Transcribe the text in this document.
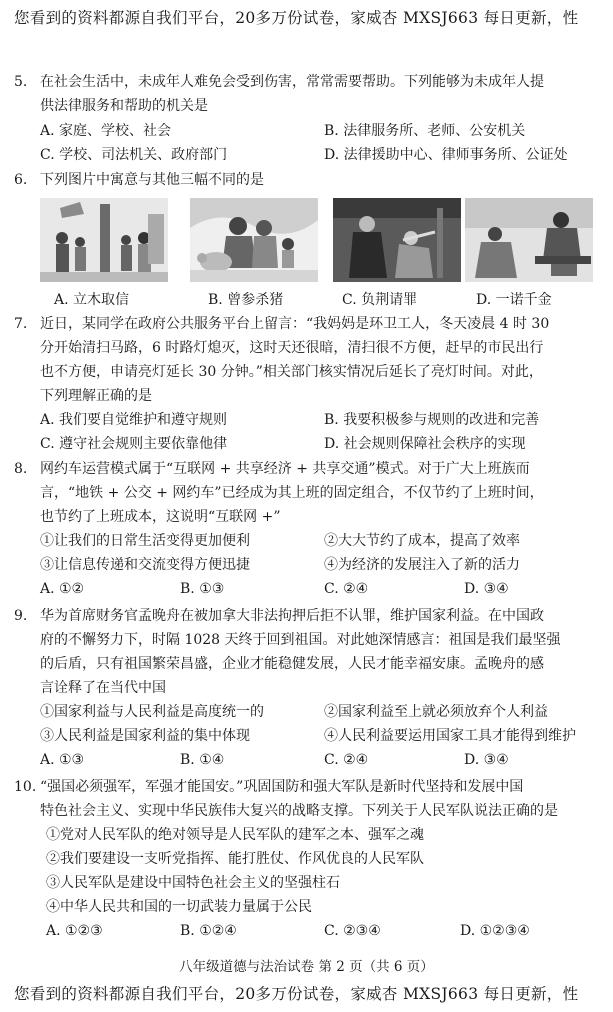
您看到的资料都源自我们平台，20多万份试卷，家威杏 MXSJ663 每日更新，性
5. 在社会生活中，未成年人难免会受到伤害，常常需要帮助。下列能够为未成年人提
供法律服务和帮助的机关是
A. 家庭、学校、社会	B. 法律服务所、老师、公安机关
C. 学校、司法机关、政府部门	D. 法律援助中心、律师事务所、公证处
6. 下列图片中寓意与其他三幅不同的是
A. 立木取信	B. 曾参杀猪	C. 负荆请罪	D. 一诺千金
7. 近日，某同学在政府公共服务平台上留言：“我妈妈是环卫工人，冬天凌晨 4 时 30
分开始清扫马路，6 时路灯熄灭，这时天还很暗，清扫很不方便，赶早的市民出行
也不方便，申请亮灯延长 30 分钟。”相关部门核实情况后延长了亮灯时间。对此，
下列理解正确的是
A. 我们要自觉维护和遵守规则	B. 我要积极参与规则的改进和完善
C. 遵守社会规则主要依靠他律	D. 社会规则保障社会秩序的实现
8. 网约车运营模式属于“互联网 + 共享经济 + 共享交通”模式。对于广大上班族而
言，“地铁 + 公交 + 网约车”已经成为其上班的固定组合，不仅节约了上班时间，
也节约了上班成本，这说明“互联网 +”
①让我们的日常生活变得更加便利	②大大节约了成本，提高了效率
③让信息传递和交流变得方便迅捷	④为经济的发展注入了新的活力
A. ①②	B. ①③	C. ②④	D. ③④
9. 华为首席财务官孟晚舟在被加拿大非法拘押后拒不认罪，维护国家利益。在中国政
府的不懈努力下，时隔 1028 天终于回到祖国。对此她深情感言：祖国是我们最坚强
的后盾，只有祖国繁荣昌盛，企业才能稳健发展，人民才能幸福安康。孟晚舟的感
言诠释了在当代中国
①国家利益与人民利益是高度统一的	②国家利益至上就必须放弃个人利益
③人民利益是国家利益的集中体现	④人民利益要运用国家工具才能得到维护
A. ①③	B. ①④	C. ②④	D. ③④
10. “强国必须强军，军强才能国安。”巩固国防和强大军队是新时代坚持和发展中国
特色社会主义、实现中华民族伟大复兴的战略支撑。下列关于人民军队说法正确的是
①党对人民军队的绝对领导是人民军队的建军之本、强军之魂
②我们要建设一支听党指挥、能打胜仗、作风优良的人民军队
③人民军队是建设中国特色社会主义的坚强柱石
④中华人民共和国的一切武装力量属于公民
A. ①②③	B. ①②④	C. ②③④	D. ①②③④
八年级道德与法治试卷 第 2 页（共 6 页）
您看到的资料都源自我们平台，20多万份试卷，家威杏 MXSJ663 每日更新，性
